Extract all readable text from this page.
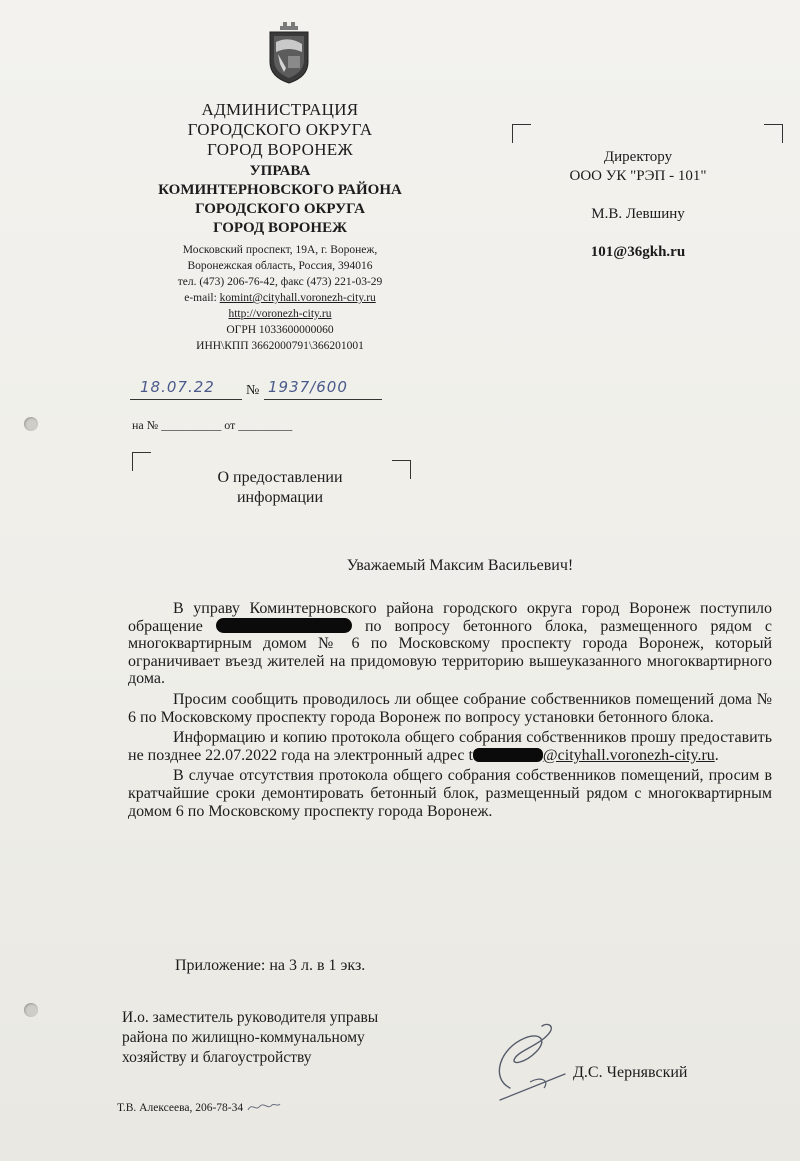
АДМИНИСТРАЦИЯ
ГОРОДСКОГО ОКРУГА
ГОРОД ВОРОНЕЖ
УПРАВА
КОМИНТЕРНОВСКОГО РАЙОНА
ГОРОДСКОГО ОКРУГА
ГОРОД ВОРОНЕЖ
Московский проспект, 19А, г. Воронеж,
Воронежская область, Россия, 394016
тел. (473) 206-76-42, факс (473) 221-03-29
e-mail: komint@cityhall.voronezh-city.ru
http://voronezh-city.ru
ОГРН 1033600000060
ИНН\КПП 3662000791\366201001
Директору
ООО УК "РЭП - 101"
М.В. Левшину
101@36gkh.ru
18.07.22 № 1937/600
на № __________ от _________
О предоставлении
информации
Уважаемый Максим Васильевич!

В управу Коминтерновского района городского округа город Воронеж поступило обращение	по вопросу бетонного блока, размещенного рядом с многоквартирным домом № 6 по Московскому проспекту города Воронеж, который ограничивает въезд жителей на придомовую территорию вышеуказанного многоквартирного дома.

Просим сообщить проводилось ли общее собрание собственников помещений дома № 6 по Московскому проспекту города Воронеж по вопросу установки бетонного блока.

Информацию и копию протокола общего собрания собственников прошу предоставить не позднее 22.07.2022 года на электронный адрес t	@cityhall.voronezh-city.ru.

В случае отсутствия протокола общего собрания собственников помещений, просим в кратчайшие сроки демонтировать бетонный блок, размещенный рядом с многоквартирным домом 6 по Московскому проспекту города Воронеж.

Приложение: на 3 л. в 1 экз.
И.о. заместитель руководителя управы
района по жилищно-коммунальному
хозяйству и благоустройству
Д.С. Чернявский
Т.В. Алексеева, 206-78-34
